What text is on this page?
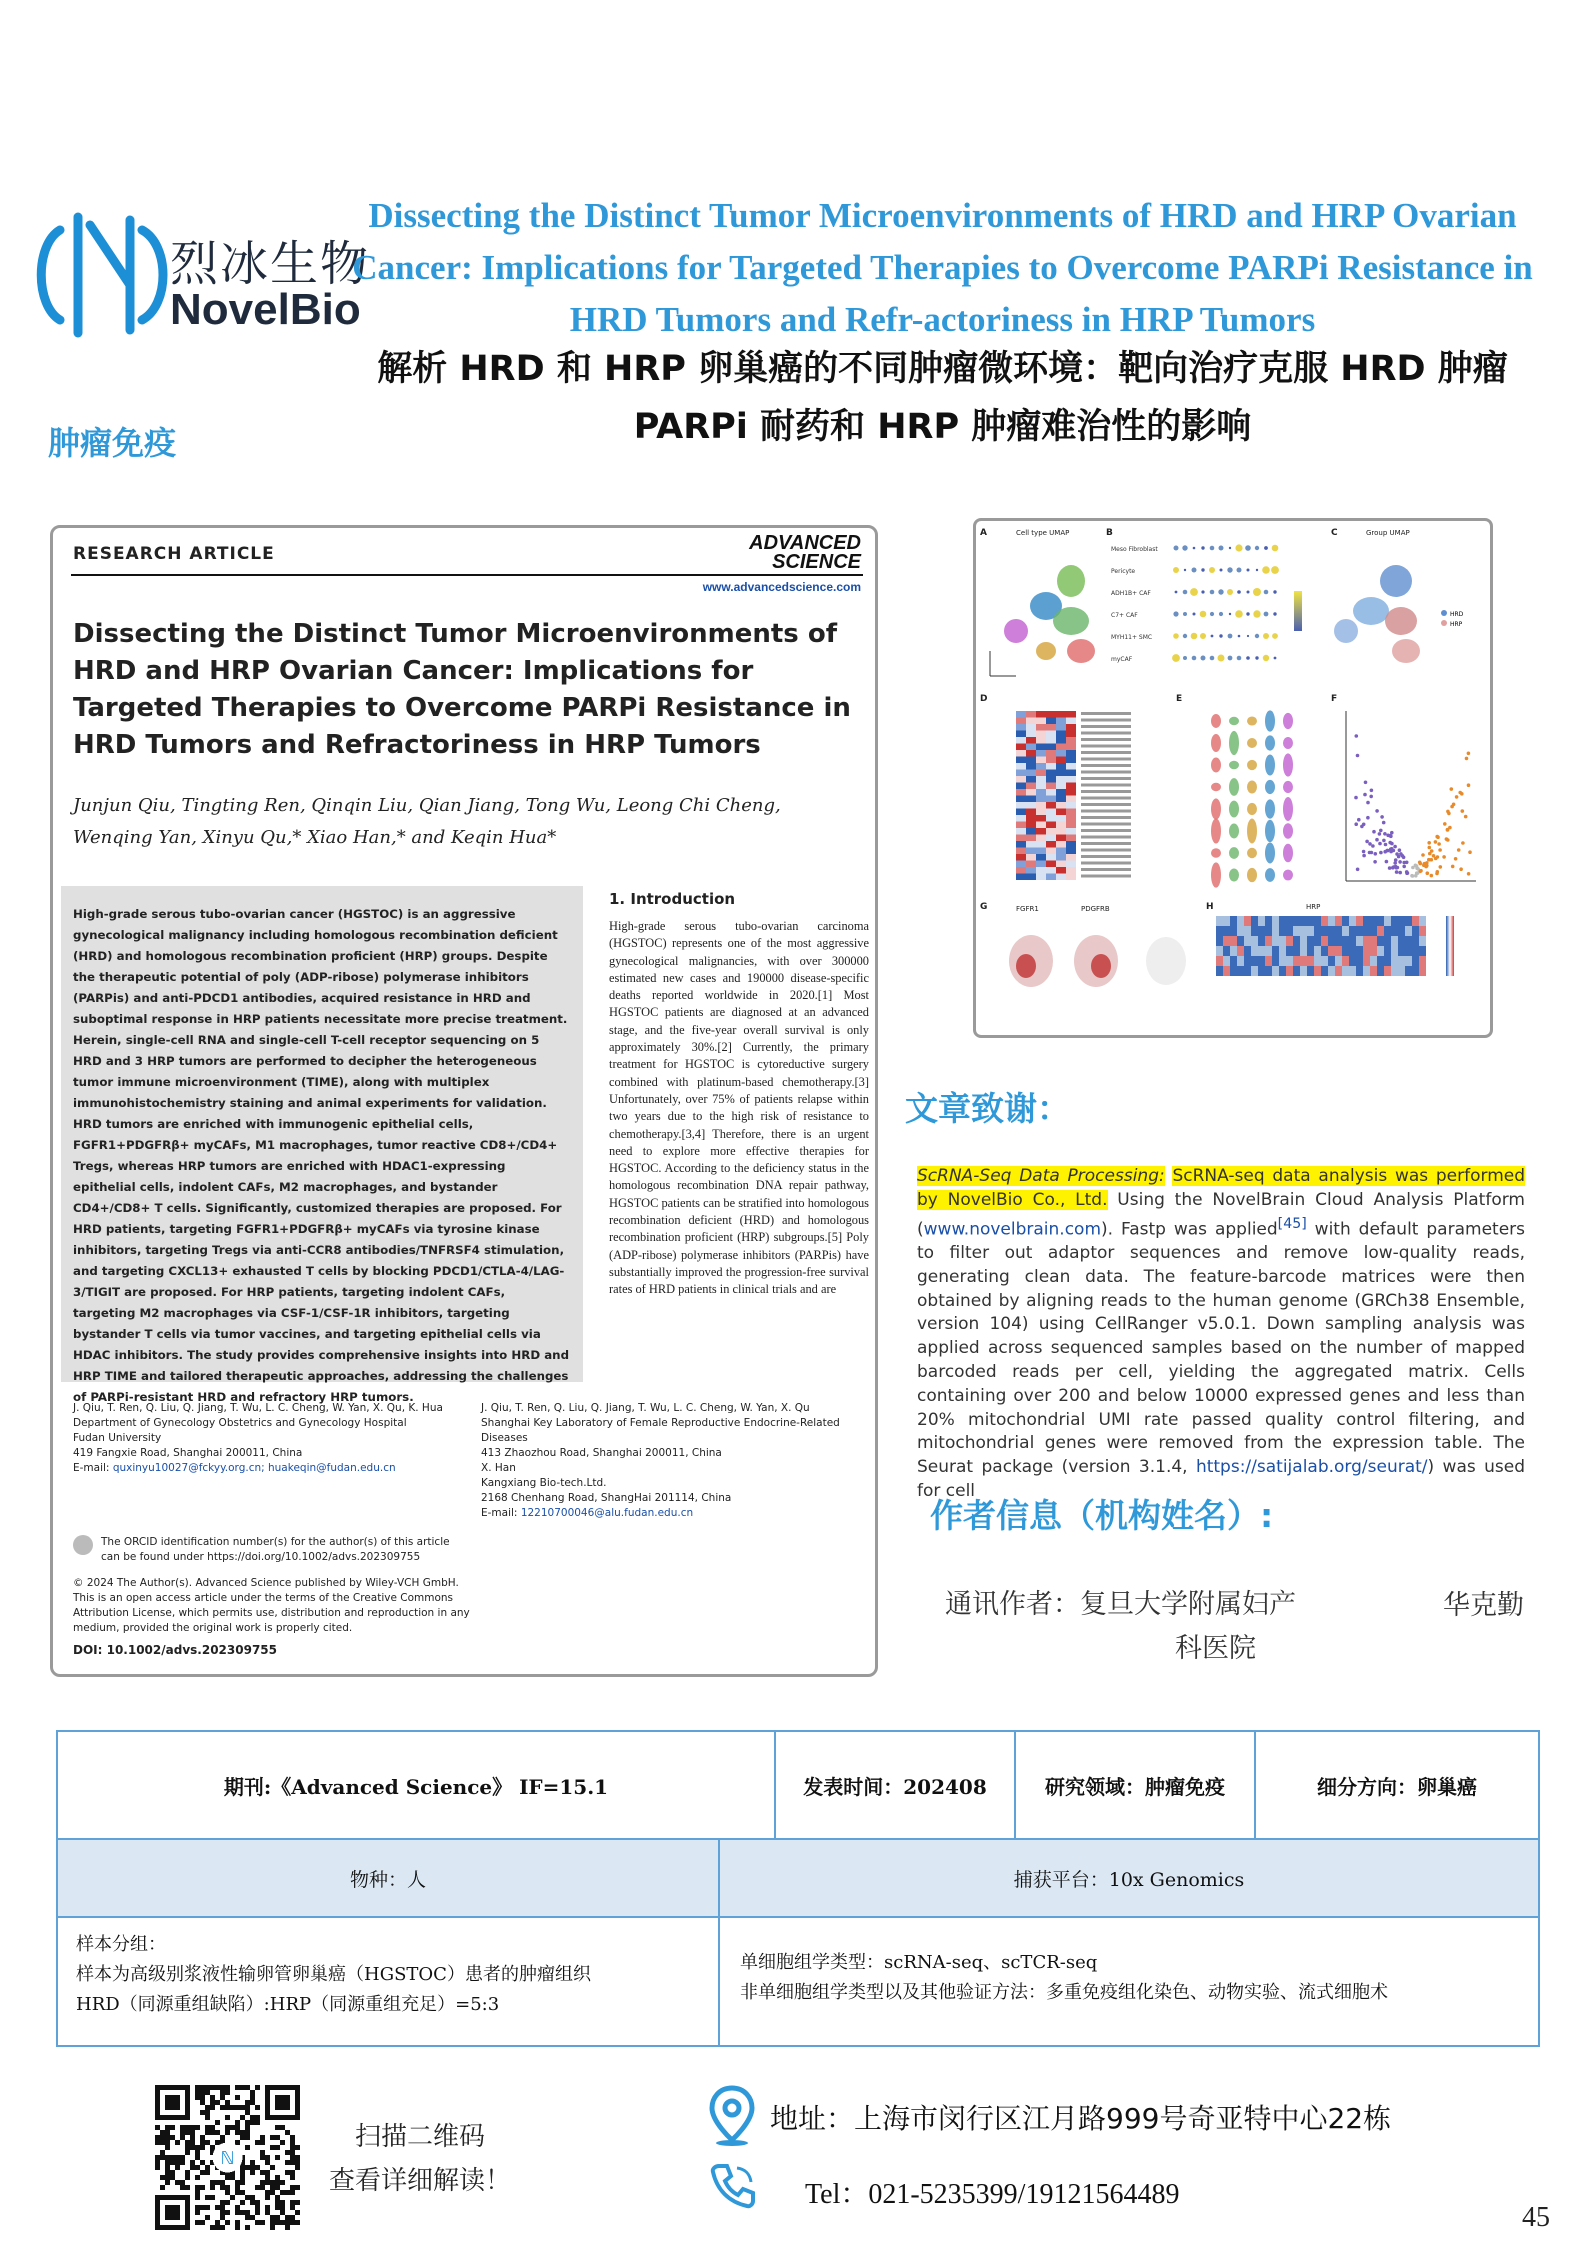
烈冰生物
NovelBio
Dissecting the Distinct Tumor Microenvironments of HRD and HRP Ovarian Cancer: Implications for Targeted Therapies to Overcome PARPi Resistance in HRD Tumors and Refr-actoriness in HRP Tumors
解析 HRD 和 HRP 卵巢癌的不同肿瘤微环境：靶向治疗克服 HRD 肿瘤 PARPi 耐药和 HRP 肿瘤难治性的影响
肿瘤免疫
RESEARCH ARTICLE	ADVANCED
SCIENCE
www.advancedscience.com
Dissecting the Distinct Tumor Microenvironments of HRD and HRP Ovarian Cancer: Implications for Targeted Therapies to Overcome PARPi Resistance in HRD Tumors and Refractoriness in HRP Tumors
Junjun Qiu, Tingting Ren, Qinqin Liu, Qian Jiang, Tong Wu, Leong Chi Cheng, Wenqing Yan, Xinyu Qu,* Xiao Han,* and Keqin Hua*
High-grade serous tubo-ovarian cancer (HGSTOC) is an aggressive gynecological malignancy including homologous recombination deficient (HRD) and homologous recombination proficient (HRP) groups. Despite the therapeutic potential of poly (ADP-ribose) polymerase inhibitors (PARPis) and anti-PDCD1 antibodies, acquired resistance in HRD and suboptimal response in HRP patients necessitate more precise treatment. Herein, single-cell RNA and single-cell T-cell receptor sequencing on 5 HRD and 3 HRP tumors are performed to decipher the heterogeneous tumor immune microenvironment (TIME), along with multiplex immunohistochemistry staining and animal experiments for validation. HRD tumors are enriched with immunogenic epithelial cells, FGFR1+PDGFRβ+ myCAFs, M1 macrophages, tumor reactive CD8+/CD4+ Tregs, whereas HRP tumors are enriched with HDAC1-expressing epithelial cells, indolent CAFs, M2 macrophages, and bystander CD4+/CD8+ T cells. Significantly, customized therapies are proposed. For HRD patients, targeting FGFR1+PDGFRβ+ myCAFs via tyrosine kinase inhibitors, targeting Tregs via anti-CCR8 antibodies/TNFRSF4 stimulation, and targeting CXCL13+ exhausted T cells by blocking PDCD1/CTLA-4/LAG-3/TIGIT are proposed. For HRP patients, targeting indolent CAFs, targeting M2 macrophages via CSF-1/CSF-1R inhibitors, targeting bystander T cells via tumor vaccines, and targeting epithelial cells via HDAC inhibitors. The study provides comprehensive insights into HRD and HRP TIME and tailored therapeutic approaches, addressing the challenges of PARPi-resistant HRD and refractory HRP tumors.
1. Introduction
High-grade serous tubo-ovarian carcinoma (HGSTOC) represents one of the most aggressive gynecological malignancies, with over 300000 estimated new cases and 190000 disease-specific deaths reported worldwide in 2020.[1] Most HGSTOC patients are diagnosed at an advanced stage, and the five-year overall survival is only approximately 30%.[2] Currently, the primary treatment for HGSTOC is cytoreductive surgery combined with platinum-based chemotherapy.[3] Unfortunately, over 75% of patients relapse within two years due to the high risk of resistance to chemotherapy.[3,4] Therefore, there is an urgent need to explore more effective therapies for HGSTOC. According to the deficiency status in the homologous recombination DNA repair pathway, HGSTOC patients can be stratified into homologous recombination deficient (HRD) and homologous recombination proficient (HRP) subgroups.[5] Poly (ADP-ribose) polymerase inhibitors (PARPis) have substantially improved the progression-free survival rates of HRD patients in clinical trials and are
J. Qiu, T. Ren, Q. Liu, Q. Jiang, T. Wu, L. C. Cheng, W. Yan, X. Qu, K. Hua
Department of Gynecology Obstetrics and Gynecology Hospital
Fudan University
419 Fangxie Road, Shanghai 200011, China
E-mail: quxinyu10027@fckyy.org.cn; huakeqin@fudan.edu.cn
J. Qiu, T. Ren, Q. Liu, Q. Jiang, T. Wu, L. C. Cheng, W. Yan, X. Qu
Shanghai Key Laboratory of Female Reproductive Endocrine-Related Diseases
413 Zhaozhou Road, Shanghai 200011, China
X. Han
Kangxiang Bio-tech.Ltd.
2168 Chenhang Road, ShangHai 201114, China
E-mail: 12210700046@alu.fudan.edu.cn
The ORCID identification number(s) for the author(s) of this article can be found under https://doi.org/10.1002/advs.202309755
© 2024 The Author(s). Advanced Science published by Wiley-VCH GmbH. This is an open access article under the terms of the Creative Commons Attribution License, which permits use, distribution and reproduction in any medium, provided the original work is properly cited.
DOI: 10.1002/advs.202309755
A	Cell type UMAP	B	C	Group UMAP
D	E	F
G	FGFR1	PDGFRB	H	HRP
Meso Fibroblast
Pericyte
ADH1B+ CAF
C7+ CAF
MYH11+ SMC
myCAF
HRD
HRP
文章致谢：
ScRNA-Seq Data Processing: ScRNA-seq data analysis was performed by NovelBio Co., Ltd. Using the NovelBrain Cloud Analysis Platform (www.novelbrain.com). Fastp was applied[45] with default parameters to filter out adaptor sequences and remove low-quality reads, generating clean data. The feature-barcode matrices were then obtained by aligning reads to the human genome (GRCh38 Ensemble, version 104) using CellRanger v5.0.1. Down sampling analysis was applied across sequenced samples based on the number of mapped barcoded reads per cell, yielding the aggregated matrix. Cells containing over 200 and below 10000 expressed genes and less than 20% mitochondrial UMI rate passed quality control filtering, and mitochondrial genes were removed from the expression table. The Seurat package (version 3.1.4, https://satijalab.org/seurat/) was used for cell
作者信息（机构姓名）:
通讯作者：复旦大学附属妇产
科医院
华克勤
期刊:《Advanced Science》 IF=15.1	发表时间：202408	研究领域：肿瘤免疫	细分方向：卵巢癌
物种：人	捕获平台：10x Genomics
样本分组：
样本为高级别浆液性输卵管卵巢癌（HGSTOC）患者的肿瘤组织
HRD（同源重组缺陷）:HRP（同源重组充足）=5:3
单细胞组学类型：scRNA-seq、scTCR-seq
非单细胞组学类型以及其他验证方法：多重免疫组化染色、动物实验、流式细胞术
ℕ
扫描二维码
查看详细解读！
地址：上海市闵行区江月路999号奇亚特中心22栋
Tel：021-5235399/19121564489
45
